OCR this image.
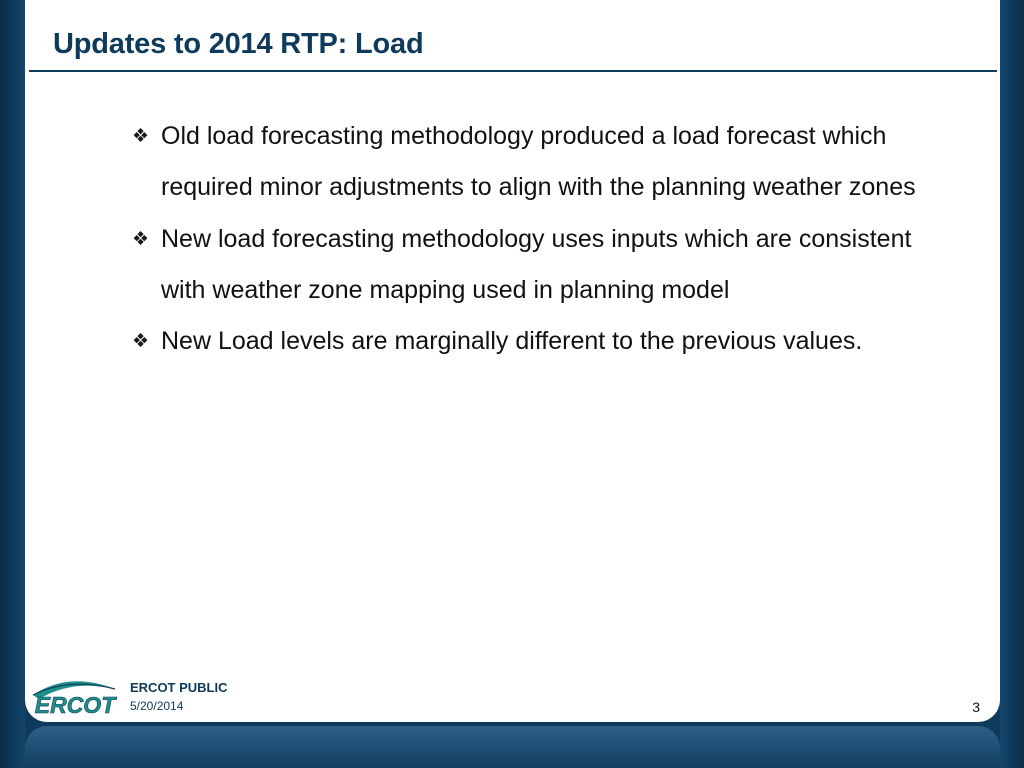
Updates to 2014 RTP: Load
❖ Old load forecasting methodology produced a load forecast which required minor adjustments to align with the planning weather zones
❖ New load forecasting methodology uses inputs which are consistent with weather zone mapping used in planning model
❖ New Load levels are marginally different to the previous values.
ERCOT
ERCOT PUBLIC
5/20/2014	3
